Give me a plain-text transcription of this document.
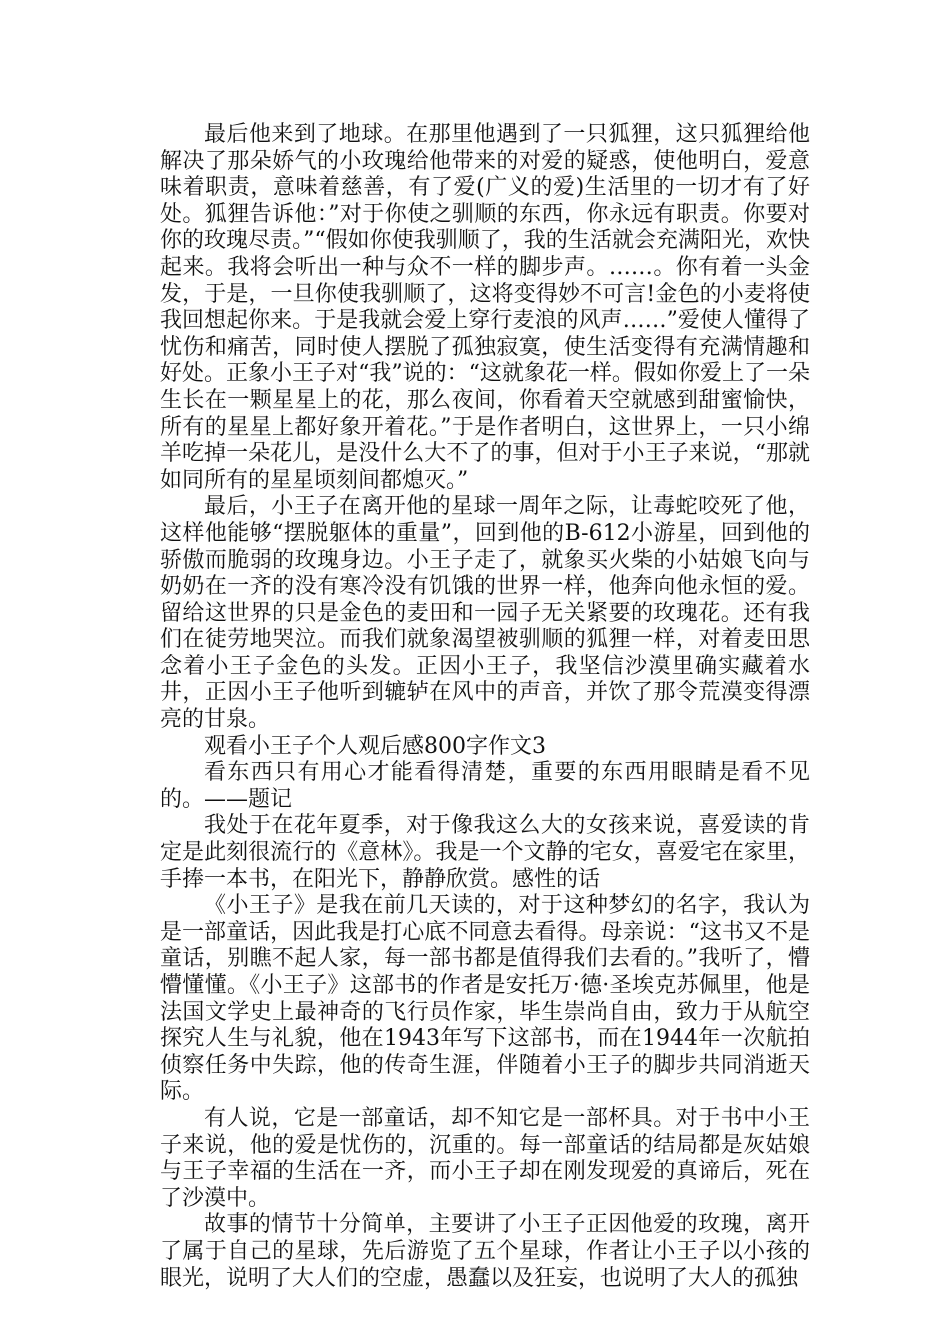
最后他来到了地球。在那里他遇到了一只狐狸，这只狐狸给他解决了那朵娇气的小玫瑰给他带来的对爱的疑惑，使他明白，爱意味着职责，意味着慈善，有了爱(广义的爱)生活里的一切才有了好处。狐狸告诉他：”对于你使之驯顺的东西，你永远有职责。你要对你的玫瑰尽责。”“假如你使我驯顺了，我的生活就会充满阳光，欢快起来。我将会听出一种与众不一样的脚步声。……。你有着一头金发，于是，一旦你使我驯顺了，这将变得妙不可言!金色的小麦将使我回想起你来。于是我就会爱上穿行麦浪的风声……”爱使人懂得了忧伤和痛苦，同时使人摆脱了孤独寂寞，使生活变得有充满情趣和好处。正象小王子对“我”说的：“这就象花一样。假如你爱上了一朵生长在一颗星星上的花，那么夜间，你看着天空就感到甜蜜愉快，所有的星星上都好象开着花。”于是作者明白，这世界上，一只小绵羊吃掉一朵花儿，是没什么大不了的事，但对于小王子来说，“那就如同所有的星星顷刻间都熄灭。”

最后，小王子在离开他的星球一周年之际，让毒蛇咬死了他，这样他能够“摆脱躯体的重量”，回到他的B-612小游星，回到他的骄傲而脆弱的玫瑰身边。小王子走了，就象买火柴的小姑娘飞向与奶奶在一齐的没有寒冷没有饥饿的世界一样，他奔向他永恒的爱。留给这世界的只是金色的麦田和一园子无关紧要的玫瑰花。还有我们在徒劳地哭泣。而我们就象渴望被驯顺的狐狸一样，对着麦田思念着小王子金色的头发。正因小王子，我坚信沙漠里确实藏着水井，正因小王子他听到辘轳在风中的声音，并饮了那令荒漠变得漂亮的甘泉。

观看小王子个人观后感800字作文3

看东西只有用心才能看得清楚，重要的东西用眼睛是看不见的。——题记

我处于在花年夏季，对于像我这么大的女孩来说，喜爱读的肯定是此刻很流行的《意林》。我是一个文静的宅女，喜爱宅在家里，手捧一本书，在阳光下，静静欣赏。感性的话

《小王子》是我在前几天读的，对于这种梦幻的名字，我认为是一部童话，因此我是打心底不同意去看得。母亲说：“这书又不是童话，别瞧不起人家，每一部书都是值得我们去看的。”我听了，懵懵懂懂。《小王子》这部书的作者是安托万·德·圣埃克苏佩里，他是法国文学史上最神奇的飞行员作家，毕生崇尚自由，致力于从航空探究人生与礼貌，他在1943年写下这部书，而在1944年一次航拍侦察任务中失踪，他的传奇生涯，伴随着小王子的脚步共同消逝天际。

有人说，它是一部童话，却不知它是一部杯具。对于书中小王子来说，他的爱是忧伤的，沉重的。每一部童话的结局都是灰姑娘与王子幸福的生活在一齐，而小王子却在刚发现爱的真谛后，死在了沙漠中。

故事的情节十分简单，主要讲了小王子正因他爱的玫瑰，离开了属于自己的星球，先后游览了五个星球，作者让小王子以小孩的眼光，说明了大人们的空虚，愚蠢以及狂妄，也说明了大人的孤独
